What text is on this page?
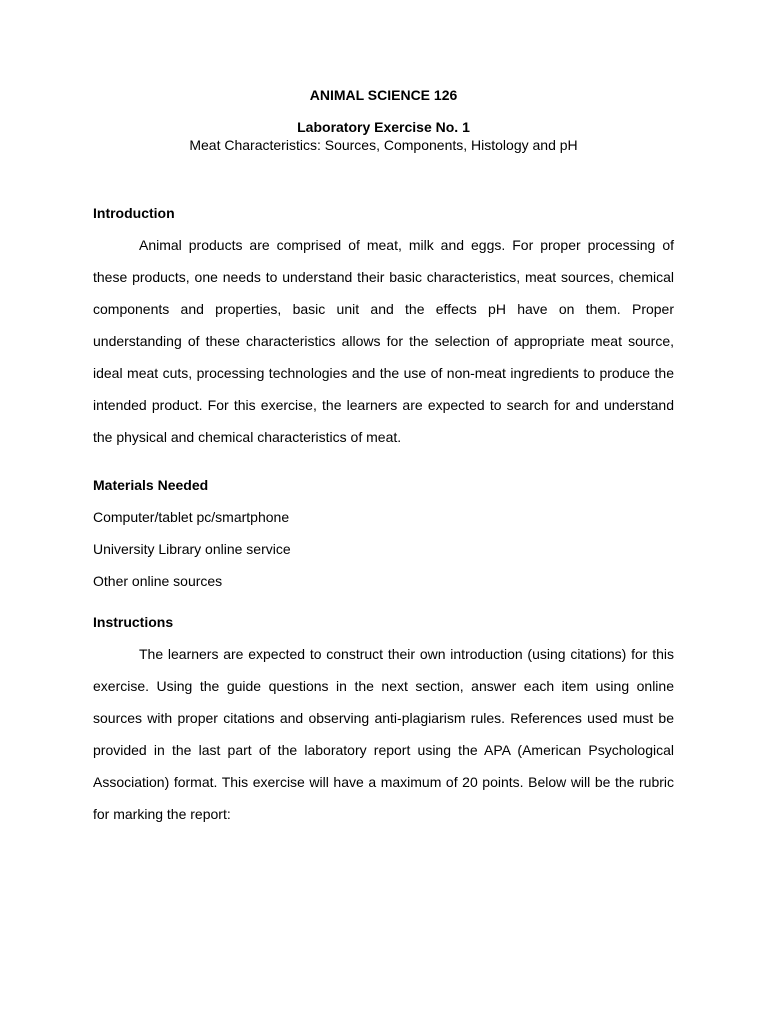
ANIMAL SCIENCE 126

Laboratory Exercise No. 1

Meat Characteristics: Sources, Components, Histology and pH

Introduction

Animal products are comprised of meat, milk and eggs. For proper processing of these products, one needs to understand their basic characteristics, meat sources, chemical components and properties, basic unit and the effects pH have on them. Proper understanding of these characteristics allows for the selection of appropriate meat source, ideal meat cuts, processing technologies and the use of non-meat ingredients to produce the intended product. For this exercise, the learners are expected to search for and understand the physical and chemical characteristics of meat.

Materials Needed

Computer/tablet pc/smartphone

University Library online service

Other online sources

Instructions

The learners are expected to construct their own introduction (using citations) for this exercise. Using the guide questions in the next section, answer each item using online sources with proper citations and observing anti-plagiarism rules. References used must be provided in the last part of the laboratory report using the APA (American Psychological Association) format. This exercise will have a maximum of 20 points. Below will be the rubric for marking the report:
